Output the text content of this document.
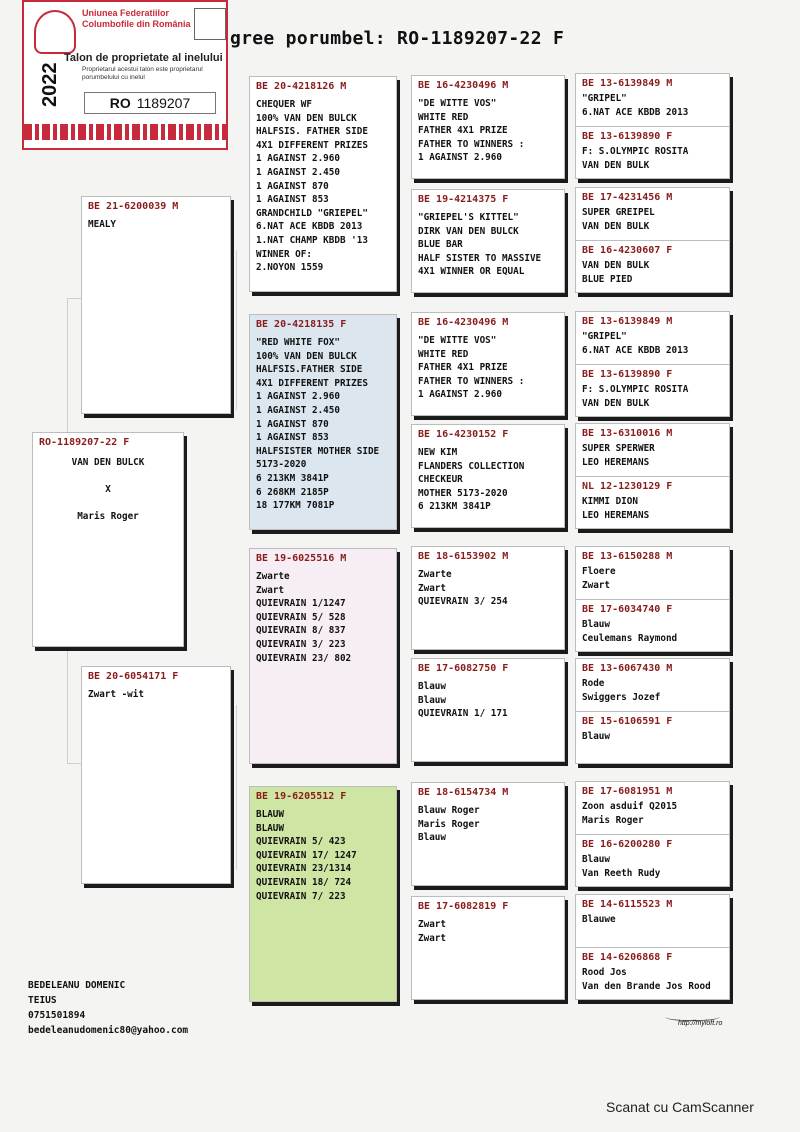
Uniunea Federatiilor
Columbofile din România
Talon de proprietate al inelului
Proprietarul acestui talon este proprietarul porumbelului cu inelul
2022	RO 1189207
gree porumbel: RO-1189207-22 F
RO-1189207-22 F
VAN DEN BULCK
X
Maris Roger
BE 21-6200039 M
MEALY
BE 20-6054171 F
Zwart -wit
BE 20-4218126 M
CHEQUER WF
100% VAN DEN BULCK
HALFSIS. FATHER SIDE
4X1 DIFFERENT PRIZES
1 AGAINST 2.960
1 AGAINST 2.450
1 AGAINST 870
1 AGAINST 853
GRANDCHILD "GRIEPEL"
6.NAT ACE KBDB 2013
1.NAT CHAMP KBDB '13
WINNER OF:
2.NOYON 1559
BE 20-4218135 F
"RED WHITE FOX"
100% VAN DEN BULCK
HALFSIS.FATHER SIDE
4X1 DIFFERENT PRIZES
1 AGAINST 2.960
1 AGAINST 2.450
1 AGAINST 870
1 AGAINST 853
HALFSISTER MOTHER SIDE
5173-2020
6 213KM 3841P
6 268KM 2185P
18 177KM 7081P
BE 19-6025516 M
Zwarte
Zwart
QUIEVRAIN 1/1247
QUIEVRAIN 5/ 528
QUIEVRAIN 8/ 837
QUIEVRAIN 3/ 223
QUIEVRAIN 23/ 802
BE 19-6205512 F
BLAUW
BLAUW
QUIEVRAIN 5/ 423
QUIEVRAIN 17/ 1247
QUIEVRAIN 23/1314
QUIEVRAIN 18/ 724
QUIEVRAIN 7/ 223
BE 16-4230496 M
"DE WITTE VOS"
WHITE RED
FATHER 4X1 PRIZE
FATHER TO WINNERS :
1 AGAINST 2.960
BE 19-4214375 F
"GRIEPEL'S KITTEL"
DIRK VAN DEN BULCK
BLUE BAR
HALF SISTER TO MASSIVE
4X1 WINNER OR EQUAL
BE 16-4230496 M
"DE WITTE VOS"
WHITE RED
FATHER 4X1 PRIZE
FATHER TO WINNERS :
1 AGAINST 2.960
BE 16-4230152 F
NEW KIM
FLANDERS COLLECTION
CHECKEUR
MOTHER 5173-2020
6 213KM 3841P
BE 18-6153902 M
Zwarte
Zwart
QUIEVRAIN 3/ 254
BE 17-6082750 F
Blauw
Blauw
QUIEVRAIN 1/ 171
BE 18-6154734 M
Blauw Roger
Maris Roger
Blauw
BE 17-6082819 F
Zwart
Zwart
BE 13-6139849 M
"GRIPEL"
6.NAT ACE KBDB 2013
BE 13-6139890 F
F: S.OLYMPIC ROSITA
VAN DEN BULK
BE 17-4231456 M
SUPER GREIPEL
VAN DEN BULK
BE 16-4230607 F
VAN DEN BULK
BLUE PIED
BE 13-6139849 M
"GRIPEL"
6.NAT ACE KBDB 2013
BE 13-6139890 F
F: S.OLYMPIC ROSITA
VAN DEN BULK
BE 13-6310016 M
SUPER SPERWER
LEO HEREMANS
NL 12-1230129 F
KIMMI DION
LEO HEREMANS
BE 13-6150288 M
Floere
Zwart
BE 17-6034740 F
Blauw
Ceulemans Raymond
BE 13-6067430 M
Rode
Swiggers Jozef
BE 15-6106591 F
Blauw
BE 17-6081951 M
Zoon asduif Q2015
Maris Roger
BE 16-6200280 F
Blauw
Van Reeth Rudy
BE 14-6115523 M
Blauwe
BE 14-6206868 F
Rood Jos
Van den Brande Jos Rood
BEDELEANU DOMENIC
TEIUS
0751501894
bedeleanudomenic80@yahoo.com
http://myloft.ro
Scanat cu CamScanner
